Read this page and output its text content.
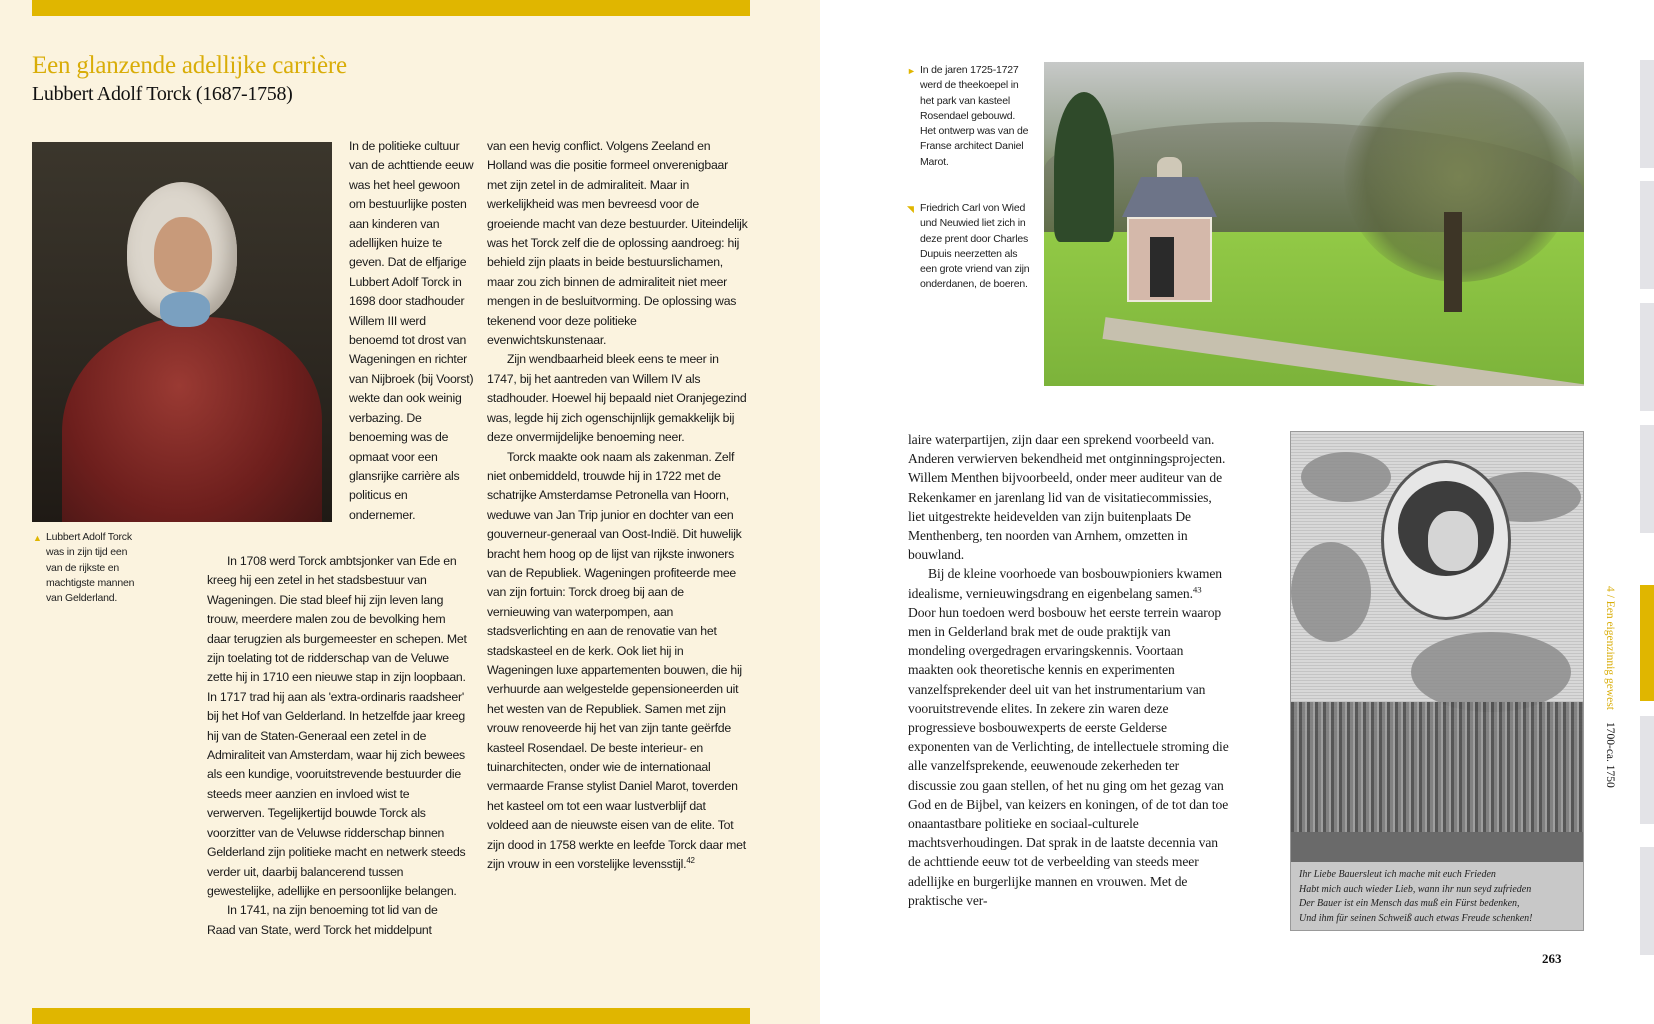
Een glanzende adellijke carrière
Lubbert Adolf Torck (1687-1758)
▲ Lubbert Adolf Torck was in zijn tijd een van de rijkste en machtigste mannen van Gelderland.

In de politieke cultuur van de achttiende eeuw was het heel gewoon om bestuurlijke posten aan kinderen van adellijken huize te geven. Dat de elfjarige Lubbert Adolf Torck in 1698 door stadhouder Willem III werd benoemd tot drost van Wageningen en richter van Nijbroek (bij Voorst) wekte dan ook weinig verbazing. De benoeming was de opmaat voor een glansrijke carrière als politicus en ondernemer.

In 1708 werd Torck ambtsjonker van Ede en kreeg hij een zetel in het stadsbestuur van Wageningen. Die stad bleef hij zijn leven lang trouw, meerdere malen zou de bevolking hem daar terugzien als burgemeester en schepen. Met zijn toelating tot de ridderschap van de Veluwe zette hij in 1710 een nieuwe stap in zijn loopbaan. In 1717 trad hij aan als 'extra-ordinaris raadsheer' bij het Hof van Gelderland. In hetzelfde jaar kreeg hij van de Staten-Generaal een zetel in de Admiraliteit van Amsterdam, waar hij zich bewees als een kundige, vooruitstrevende bestuurder die steeds meer aanzien en invloed wist te verwerven. Tegelijkertijd bouwde Torck als voorzitter van de Veluwse ridderschap binnen Gelderland zijn politieke macht en netwerk steeds verder uit, daarbij balancerend tussen gewestelijke, adellijke en persoonlijke belangen.

In 1741, na zijn benoeming tot lid van de Raad van State, werd Torck het middelpunt

van een hevig conflict. Volgens Zeeland en Holland was die positie formeel onverenigbaar met zijn zetel in de admiraliteit. Maar in werkelijkheid was men bevreesd voor de groeiende macht van deze bestuurder. Uiteindelijk was het Torck zelf die de oplossing aandroeg: hij behield zijn plaats in beide bestuurslichamen, maar zou zich binnen de admiraliteit niet meer mengen in de besluitvorming. De oplossing was tekenend voor deze politieke evenwichtskunstenaar.

Zijn wendbaarheid bleek eens te meer in 1747, bij het aantreden van Willem IV als stadhouder. Hoewel hij bepaald niet Oranjegezind was, legde hij zich ogenschijnlijk gemakkelijk bij deze onvermijdelijke benoeming neer.

Torck maakte ook naam als zakenman. Zelf niet onbemiddeld, trouwde hij in 1722 met de schatrijke Amsterdamse Petronella van Hoorn, weduwe van Jan Trip junior en dochter van een gouverneur-generaal van Oost-Indië. Dit huwelijk bracht hem hoog op de lijst van rijkste inwoners van de Republiek. Wageningen profiteerde mee van zijn fortuin: Torck droeg bij aan de vernieuwing van waterpompen, aan stadsverlichting en aan de renovatie van het stadskasteel en de kerk. Ook liet hij in Wageningen luxe appartementen bouwen, die hij verhuurde aan welgestelde gepensioneerden uit het westen van de Republiek. Samen met zijn vrouw renoveerde hij het van zijn tante geërfde kasteel Rosendael. De beste interieur- en tuinarchitecten, onder wie de internationaal vermaarde Franse stylist Daniel Marot, toverden het kasteel om tot een waar lustverblijf dat voldeed aan de nieuwste eisen van de elite. Tot zijn dood in 1758 werkte en leefde Torck daar met zijn vrouw in een vorstelijke levensstijl.$^{42}$

► In de jaren 1725-1727 werd de theekoepel in het park van kasteel Rosendael gebouwd. Het ontwerp was van de Franse architect Daniel Marot.
◥ Friedrich Carl von Wied und Neuwied liet zich in deze prent door Charles Dupuis neerzetten als een grote vriend van zijn onderdanen, de boeren.

laire waterpartijen, zijn daar een sprekend voorbeeld van. Anderen verwierven bekendheid met ontginningsprojecten. Willem Menthen bijvoorbeeld, onder meer auditeur van de Rekenkamer en jarenlang lid van de visitatiecommissies, liet uitgestrekte heidevelden van zijn buitenplaats De Menthenberg, ten noorden van Arnhem, omzetten in bouwland.

Bij de kleine voorhoede van bosbouwpioniers kwamen idealisme, vernieuwingsdrang en eigenbelang samen.$^{43}$ Door hun toedoen werd bosbouw het eerste terrein waarop men in Gelderland brak met de oude praktijk van mondeling overgedragen ervaringskennis. Voortaan maakten ook theoretische kennis en experimenten vanzelfsprekender deel uit van het instrumentarium van vooruitstrevende elites. In zekere zin waren deze progressieve bosbouwexperts de eerste Gelderse exponenten van de Verlichting, de intellectuele stroming die alle vanzelfsprekende, eeuwenoude zekerheden ter discussie zou gaan stellen, of het nu ging om het gezag van God en de Bijbel, van keizers en koningen, of de tot dan toe onaantastbare politieke en sociaal-culturele machtsverhoudingen. Dat sprak in de laatste decennia van de achttiende eeuw tot de verbeelding van steeds meer adellijke en burgerlijke mannen en vrouwen. Met de praktische ver-

Ihr Liebe Bauersleut ich mache mit euch Frieden
Habt mich auch wieder Lieb, wann ihr nun seyd zufrieden
Der Bauer ist ein Mensch das muß ein Fürst bedenken,
Und ihm für seinen Schweiß auch etwas Freude schenken!
4 / Een eigenzinnig gewest1700-ca. 1750
263
